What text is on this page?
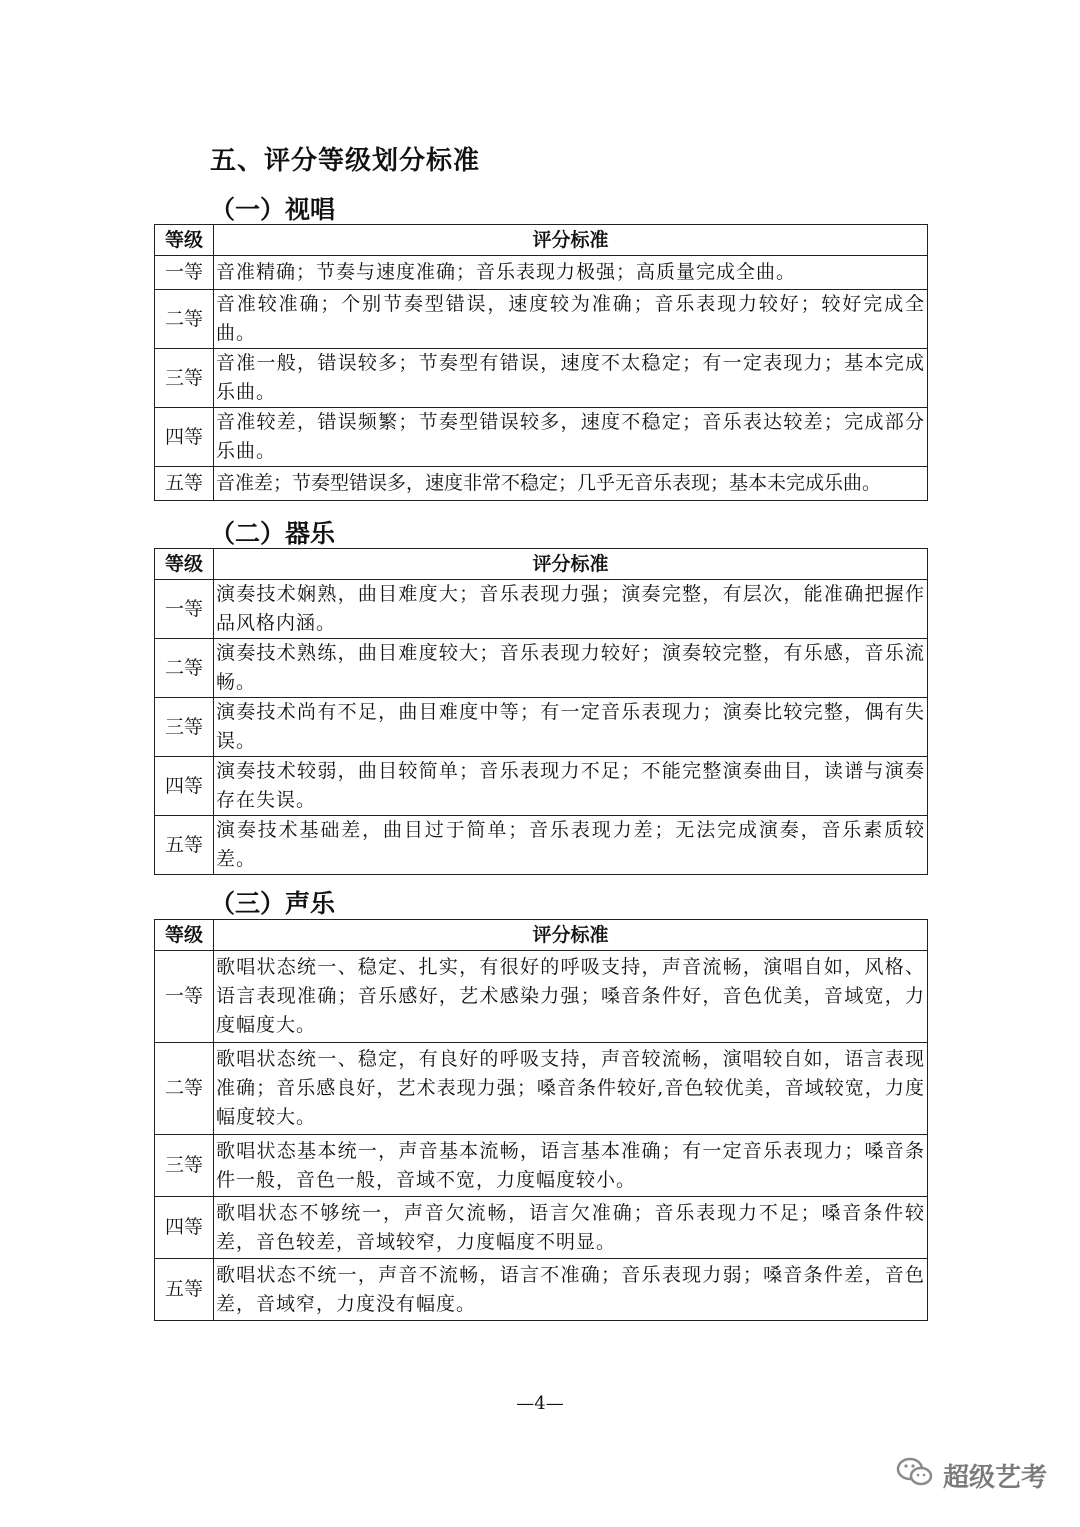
五、评分等级划分标准
（一）视唱
等级	评分标准
一等	音准精确；节奏与速度准确；音乐表现力极强；高质量完成全曲。
二等	音准较准确；个别节奏型错误，速度较为准确；音乐表现力较好；较好完成全曲。
三等	音准一般，错误较多；节奏型有错误，速度不太稳定；有一定表现力；基本完成乐曲。
四等	音准较差，错误频繁；节奏型错误较多，速度不稳定；音乐表达较差；完成部分乐曲。
五等	音准差；节奏型错误多，速度非常不稳定；几乎无音乐表现；基本未完成乐曲。
（二）器乐
等级	评分标准
一等	演奏技术娴熟，曲目难度大；音乐表现力强；演奏完整，有层次，能准确把握作品风格内涵。
二等	演奏技术熟练，曲目难度较大；音乐表现力较好；演奏较完整，有乐感，音乐流畅。
三等	演奏技术尚有不足，曲目难度中等；有一定音乐表现力；演奏比较完整，偶有失误。
四等	演奏技术较弱，曲目较简单；音乐表现力不足；不能完整演奏曲目，读谱与演奏存在失误。
五等	演奏技术基础差，曲目过于简单；音乐表现力差；无法完成演奏，音乐素质较差。
（三）声乐
等级	评分标准
一等	歌唱状态统一、稳定、扎实，有很好的呼吸支持，声音流畅，演唱自如，风格、语言表现准确；音乐感好，艺术感染力强；嗓音条件好，音色优美，音域宽，力度幅度大。
二等	歌唱状态统一、稳定，有良好的呼吸支持，声音较流畅，演唱较自如，语言表现准确；音乐感良好，艺术表现力强；嗓音条件较好,音色较优美，音域较宽，力度幅度较大。
三等	歌唱状态基本统一，声音基本流畅，语言基本准确；有一定音乐表现力；嗓音条件一般，音色一般，音域不宽，力度幅度较小。
四等	歌唱状态不够统一，声音欠流畅，语言欠准确；音乐表现力不足；嗓音条件较差，音色较差，音域较窄，力度幅度不明显。
五等	歌唱状态不统一，声音不流畅，语言不准确；音乐表现力弱；嗓音条件差，音色差，音域窄，力度没有幅度。
—4—
超级艺考
